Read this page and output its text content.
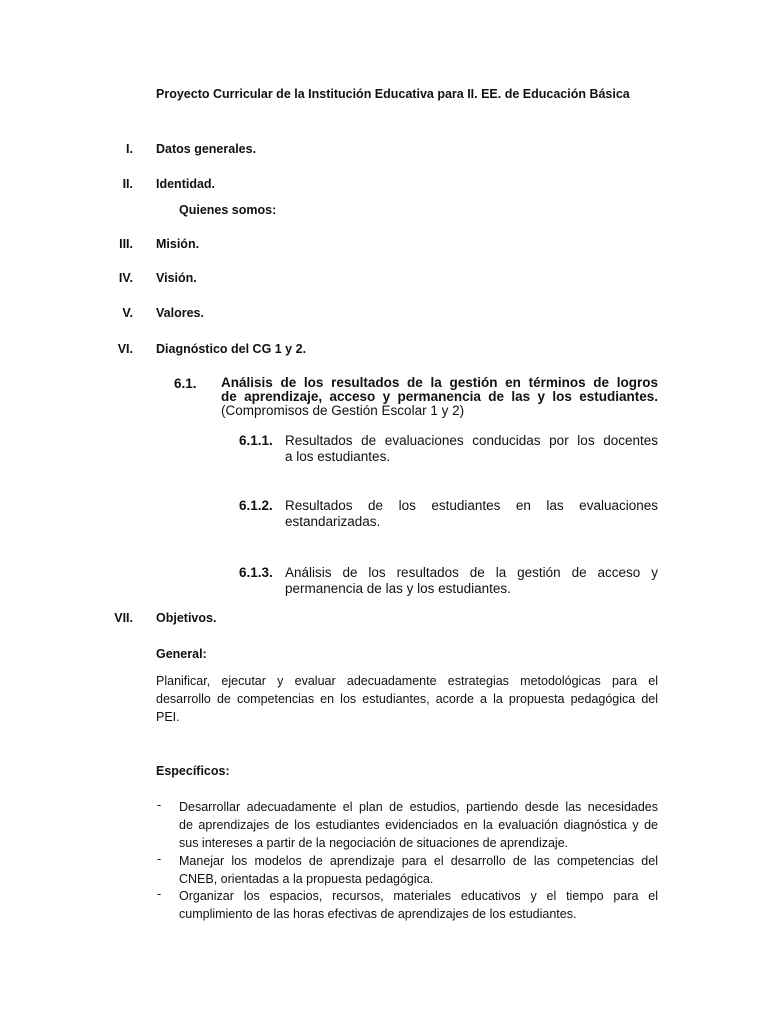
Proyecto Curricular de la Institución Educativa para II. EE. de Educación Básica
I. Datos generales.
II. Identidad.
Quienes somos:
III. Misión.
IV. Visión.
V. Valores.
VI. Diagnóstico del CG 1 y 2.
6.1. Análisis de los resultados de la gestión en términos de logros
de aprendizaje, acceso y permanencia de las y los estudiantes.
(Compromisos de Gestión Escolar 1 y 2)
6.1.1. Resultados de evaluaciones conducidas por los docentes
a los estudiantes.
6.1.2. Resultados de los estudiantes en las evaluaciones
estandarizadas.
6.1.3. Análisis de los resultados de la gestión de acceso y
permanencia de las y los estudiantes.
VII. Objetivos.
General:
Planificar, ejecutar y evaluar adecuadamente estrategias metodológicas para el
desarrollo de competencias en los estudiantes, acorde a la propuesta pedagógica del
PEI.
Específicos:
- Desarrollar adecuadamente el plan de estudios, partiendo desde las necesidades
de aprendizajes de los estudiantes evidenciados en la evaluación diagnóstica y de
sus intereses a partir de la negociación de situaciones de aprendizaje.
- Manejar los modelos de aprendizaje para el desarrollo de las competencias del
CNEB, orientadas a la propuesta pedagógica.
- Organizar los espacios, recursos, materiales educativos y el tiempo para el
cumplimiento de las horas efectivas de aprendizajes de los estudiantes.
